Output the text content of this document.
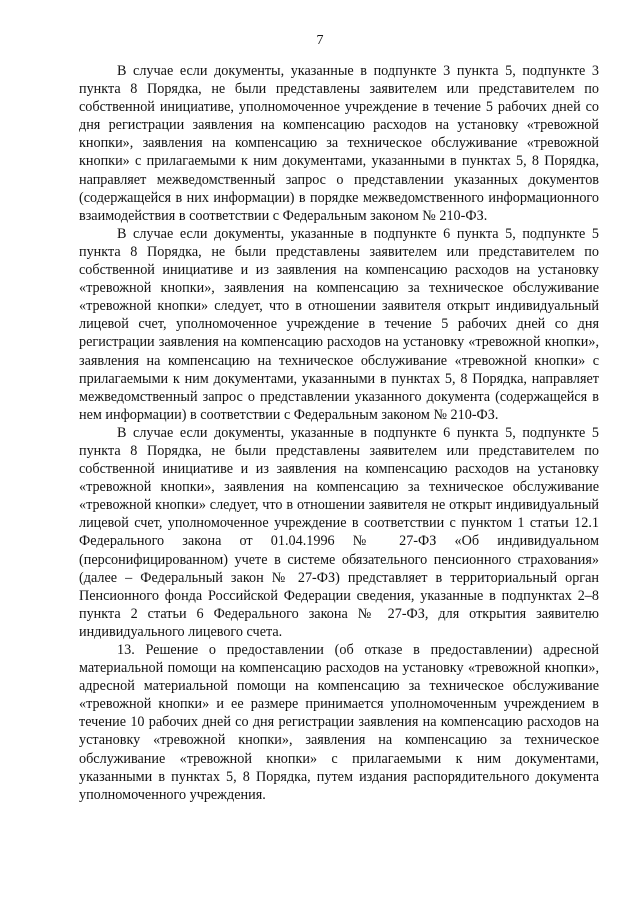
7

В случае если документы, указанные в подпункте 3 пункта 5, подпункте 3 пункта 8 Порядка, не были представлены заявителем или представителем по собственной инициативе, уполномоченное учреждение в течение 5 рабочих дней со дня регистрации заявления на компенсацию расходов на установку «тревожной кнопки», заявления на компенсацию за техническое обслуживание «тревожной кнопки» с прилагаемыми к ним документами, указанными в пунктах 5, 8 Порядка, направляет межведомственный запрос о представлении указанных документов (содержащейся в них информации) в порядке межведомственного информационного взаимодействия в соответствии с Федеральным законом № 210-ФЗ.

В случае если документы, указанные в подпункте 6 пункта 5, подпункте 5 пункта 8 Порядка, не были представлены заявителем или представителем по собственной инициативе и из заявления на компенсацию расходов на установку «тревожной кнопки», заявления на компенсацию за техническое обслуживание «тревожной кнопки» следует, что в отношении заявителя открыт индивидуальный лицевой счет, уполномоченное учреждение в течение 5 рабочих дней со дня регистрации заявления на компенсацию расходов на установку «тревожной кнопки», заявления на компенсацию на техническое обслуживание «тревожной кнопки» с прилагаемыми к ним документами, указанными в пунктах 5, 8 Порядка, направляет межведомственный запрос о представлении указанного документа (содержащейся в нем информации) в соответствии с Федеральным законом № 210-ФЗ.

В случае если документы, указанные в подпункте 6 пункта 5, подпункте 5 пункта 8 Порядка, не были представлены заявителем или представителем по собственной инициативе и из заявления на компенсацию расходов на установку «тревожной кнопки», заявления на компенсацию за техническое обслуживание «тревожной кнопки» следует, что в отношении заявителя не открыт индивидуальный лицевой счет, уполномоченное учреждение в соответствии с пунктом 1 статьи 12.1 Федерального закона от 01.04.1996 № 27-ФЗ «Об индивидуальном (персонифицированном) учете в системе обязательного пенсионного страхования» (далее – Федеральный закон № 27-ФЗ) представляет в территориальный орган Пенсионного фонда Российской Федерации сведения, указанные в подпунктах 2–8 пункта 2 статьи 6 Федерального закона № 27-ФЗ, для открытия заявителю индивидуального лицевого счета.

13. Решение о предоставлении (об отказе в предоставлении) адресной материальной помощи на компенсацию расходов на установку «тревожной кнопки», адресной материальной помощи на компенсацию за техническое обслуживание «тревожной кнопки» и ее размере принимается уполномоченным учреждением в течение 10 рабочих дней со дня регистрации заявления на компенсацию расходов на установку «тревожной кнопки», заявления на компенсацию за техническое обслуживание «тревожной кнопки» с прилагаемыми к ним документами, указанными в пунктах 5, 8 Порядка, путем издания распорядительного документа уполномоченного учреждения.
